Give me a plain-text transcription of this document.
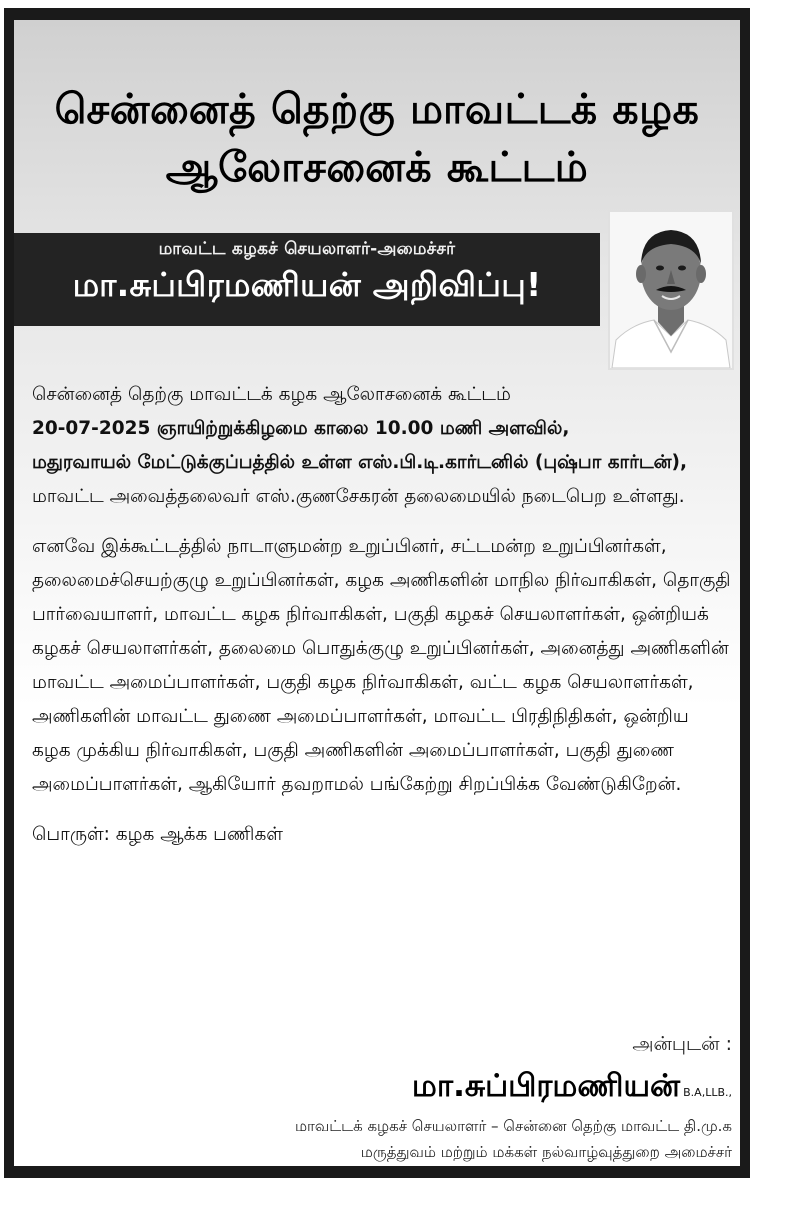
சென்னைத் தெற்கு மாவட்டக் கழக
ஆலோசனைக் கூட்டம்
மாவட்ட கழகச் செயலாளர்-அமைச்சர்
மா.சுப்பிரமணியன் அறிவிப்பு!

சென்னைத் தெற்கு மாவட்டக் கழக ஆலோசனைக் கூட்டம்
20-07-2025 ஞாயிற்றுக்கிழமை காலை 10.00 மணி அளவில்,
மதுரவாயல் மேட்டுக்குப்பத்தில் உள்ள எஸ்.பி.டி.கார்டனில் (புஷ்பா கார்டன்),
மாவட்ட அவைத்தலைவர் எஸ்.குணசேகரன் தலைமையில் நடைபெற உள்ளது.

எனவே இக்கூட்டத்தில் நாடாளுமன்ற உறுப்பினர், சட்டமன்ற உறுப்பினர்கள், தலைமைச்செயற்குழு உறுப்பினர்கள், கழக அணிகளின் மாநில நிர்வாகிகள், தொகுதி பார்வையாளர், மாவட்ட கழக நிர்வாகிகள், பகுதி கழகச் செயலாளர்கள், ஒன்றியக் கழகச் செயலாளர்கள், தலைமை பொதுக்குழு உறுப்பினர்கள், அனைத்து அணிகளின் மாவட்ட அமைப்பாளர்கள், பகுதி கழக நிர்வாகிகள், வட்ட கழக செயலாளர்கள், அணிகளின் மாவட்ட துணை அமைப்பாளர்கள், மாவட்ட பிரதிநிதிகள், ஒன்றிய கழக முக்கிய நிர்வாகிகள், பகுதி அணிகளின் அமைப்பாளர்கள், பகுதி துணை அமைப்பாளர்கள், ஆகியோர் தவறாமல் பங்கேற்று சிறப்பிக்க வேண்டுகிறேன்.

பொருள்: கழக ஆக்க பணிகள்

அன்புடன் :
மா.சுப்பிரமணியன் B.A,LLB.,
மாவட்டக் கழகச் செயலாளர் – சென்னை தெற்கு மாவட்ட தி.மு.க
மருத்துவம் மற்றும் மக்கள் நல்வாழ்வுத்துறை அமைச்சர்
